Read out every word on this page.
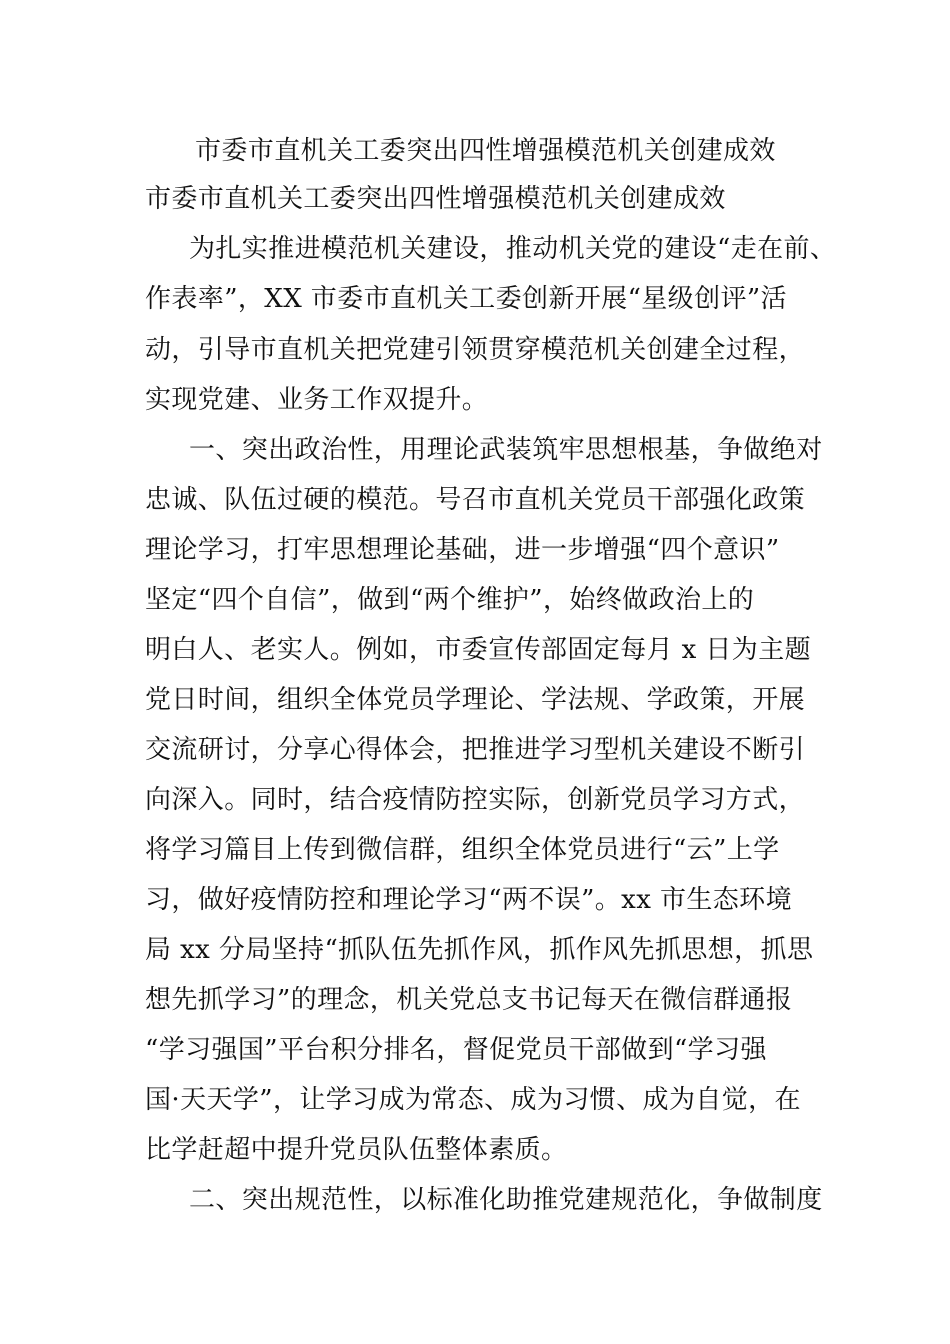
市委市直机关工委突出四性增强模范机关创建成效
市委市直机关工委突出四性增强模范机关创建成效
为扎实推进模范机关建设，推动机关党的建设“走在前、
作表率”，XX 市委市直机关工委创新开展“星级创评”活
动，引导市直机关把党建引领贯穿模范机关创建全过程，
实现党建、业务工作双提升。
一、突出政治性，用理论武装筑牢思想根基，争做绝对
忠诚、队伍过硬的模范。号召市直机关党员干部强化政策
理论学习，打牢思想理论基础，进一步增强“四个意识”
坚定“四个自信”，做到“两个维护”，始终做政治上的
明白人、老实人。例如，市委宣传部固定每月 x 日为主题
党日时间，组织全体党员学理论、学法规、学政策，开展
交流研讨，分享心得体会，把推进学习型机关建设不断引
向深入。同时，结合疫情防控实际，创新党员学习方式，
将学习篇目上传到微信群，组织全体党员进行“云”上学
习，做好疫情防控和理论学习“两不误”。xx 市生态环境
局 xx 分局坚持“抓队伍先抓作风，抓作风先抓思想，抓思
想先抓学习”的理念，机关党总支书记每天在微信群通报
“学习强国”平台积分排名，督促党员干部做到“学习强
国·天天学”，让学习成为常态、成为习惯、成为自觉，在
比学赶超中提升党员队伍整体素质。
二、突出规范性，以标准化助推党建规范化，争做制度
